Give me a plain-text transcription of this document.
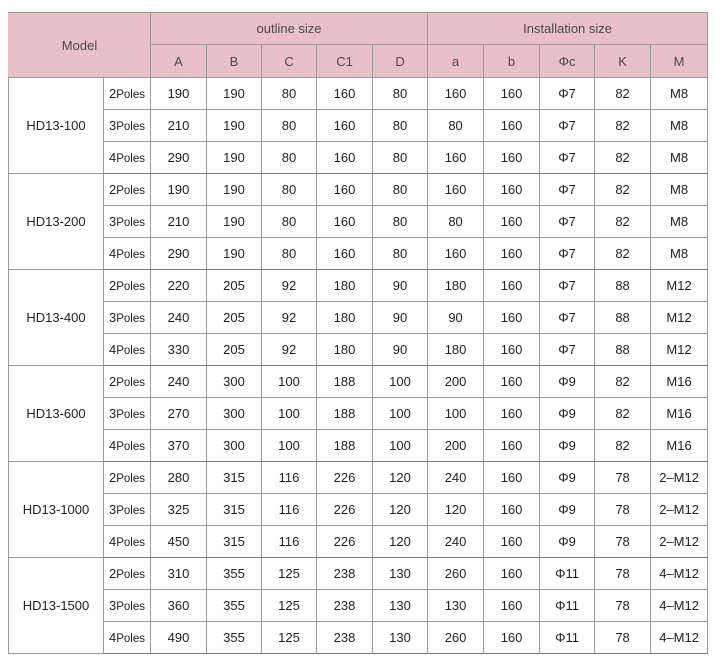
Model		outline size					Installation size				
		A	B	C	C1	D	a	b	Φc	K	M
HD13-100	2Poles	190	190	80	160	80	160	160	Φ7	82	M8
	3Poles	210	190	80	160	80	80	160	Φ7	82	M8
	4Poles	290	190	80	160	80	160	160	Φ7	82	M8
HD13-200	2Poles	190	190	80	160	80	160	160	Φ7	82	M8
	3Poles	210	190	80	160	80	80	160	Φ7	82	M8
	4Poles	290	190	80	160	80	160	160	Φ7	82	M8
HD13-400	2Poles	220	205	92	180	90	180	160	Φ7	88	M12
	3Poles	240	205	92	180	90	90	160	Φ7	88	M12
	4Poles	330	205	92	180	90	180	160	Φ7	88	M12
HD13-600	2Poles	240	300	100	188	100	200	160	Φ9	82	M16
	3Poles	270	300	100	188	100	100	160	Φ9	82	M16
	4Poles	370	300	100	188	100	200	160	Φ9	82	M16
HD13-1000	2Poles	280	315	116	226	120	240	160	Φ9	78	2–M12
	3Poles	325	315	116	226	120	120	160	Φ9	78	2–M12
	4Poles	450	315	116	226	120	240	160	Φ9	78	2–M12
HD13-1500	2Poles	310	355	125	238	130	260	160	Φ11	78	4–M12
	3Poles	360	355	125	238	130	130	160	Φ11	78	4–M12
	4Poles	490	355	125	238	130	260	160	Φ11	78	4–M12
